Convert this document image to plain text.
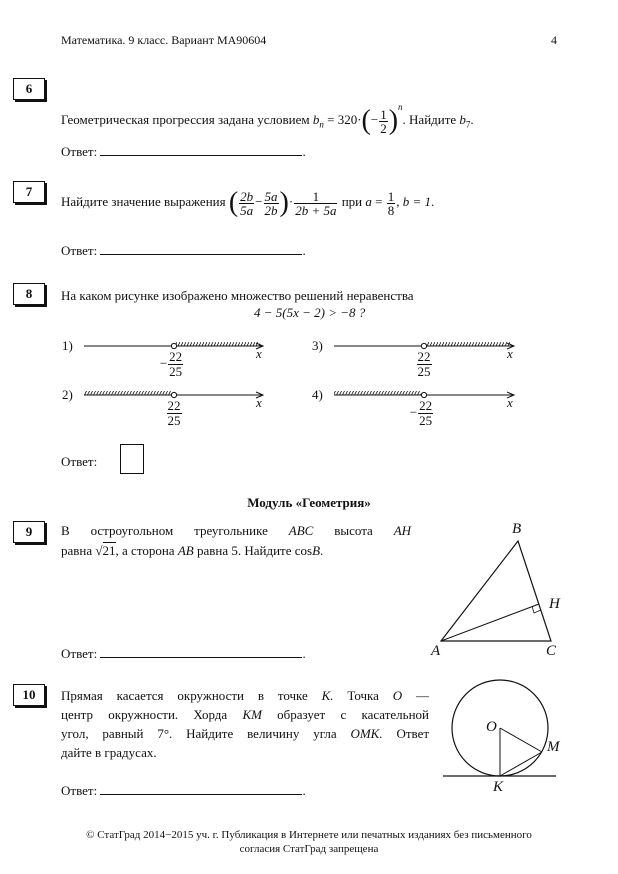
Математика. 9 класс. Вариант МА90604	4
6
Геометрическая прогрессия задана условием $b_n = 320\cdot(- \frac{1}{2} )^n$. Найдите $b_7$.
Ответ:	.
7
Найдите значение выражения ( $\frac{2b}{5a} - \frac{5a}{2b}$ )· $\frac{1}{2b + 5a}$ при $a = \frac{1}{8}$ , b = 1.
Ответ:	.
8	На каком рисунке изображено множество решений неравенства
4 − 5(5x − 2) > −8 ?
1)	3)
2)	4)
x	x
x	x
− $\frac{22}{25}$	$\frac{22}{25}$
$\frac{22}{25}$	− $\frac{22}{25}$
Ответ:
Модуль «Геометрия»
9	В остроугольном треугольнике ABC высота AH
равна √21, а сторона AB равна 5. Найдите cosB.
B
H
A	C
Ответ:	.
10	Прямая касается окружности в точке K. Точка O —
центр окружности. Хорда KM образует с касательной
угол, равный 7°. Найдите величину угла OMK. Ответ
дайте в градусах.
O
M
K
Ответ:	.
© СтатГрад 2014−2015 уч. г. Публикация в Интернете или печатных изданиях без письменного
согласия СтатГрад запрещена
